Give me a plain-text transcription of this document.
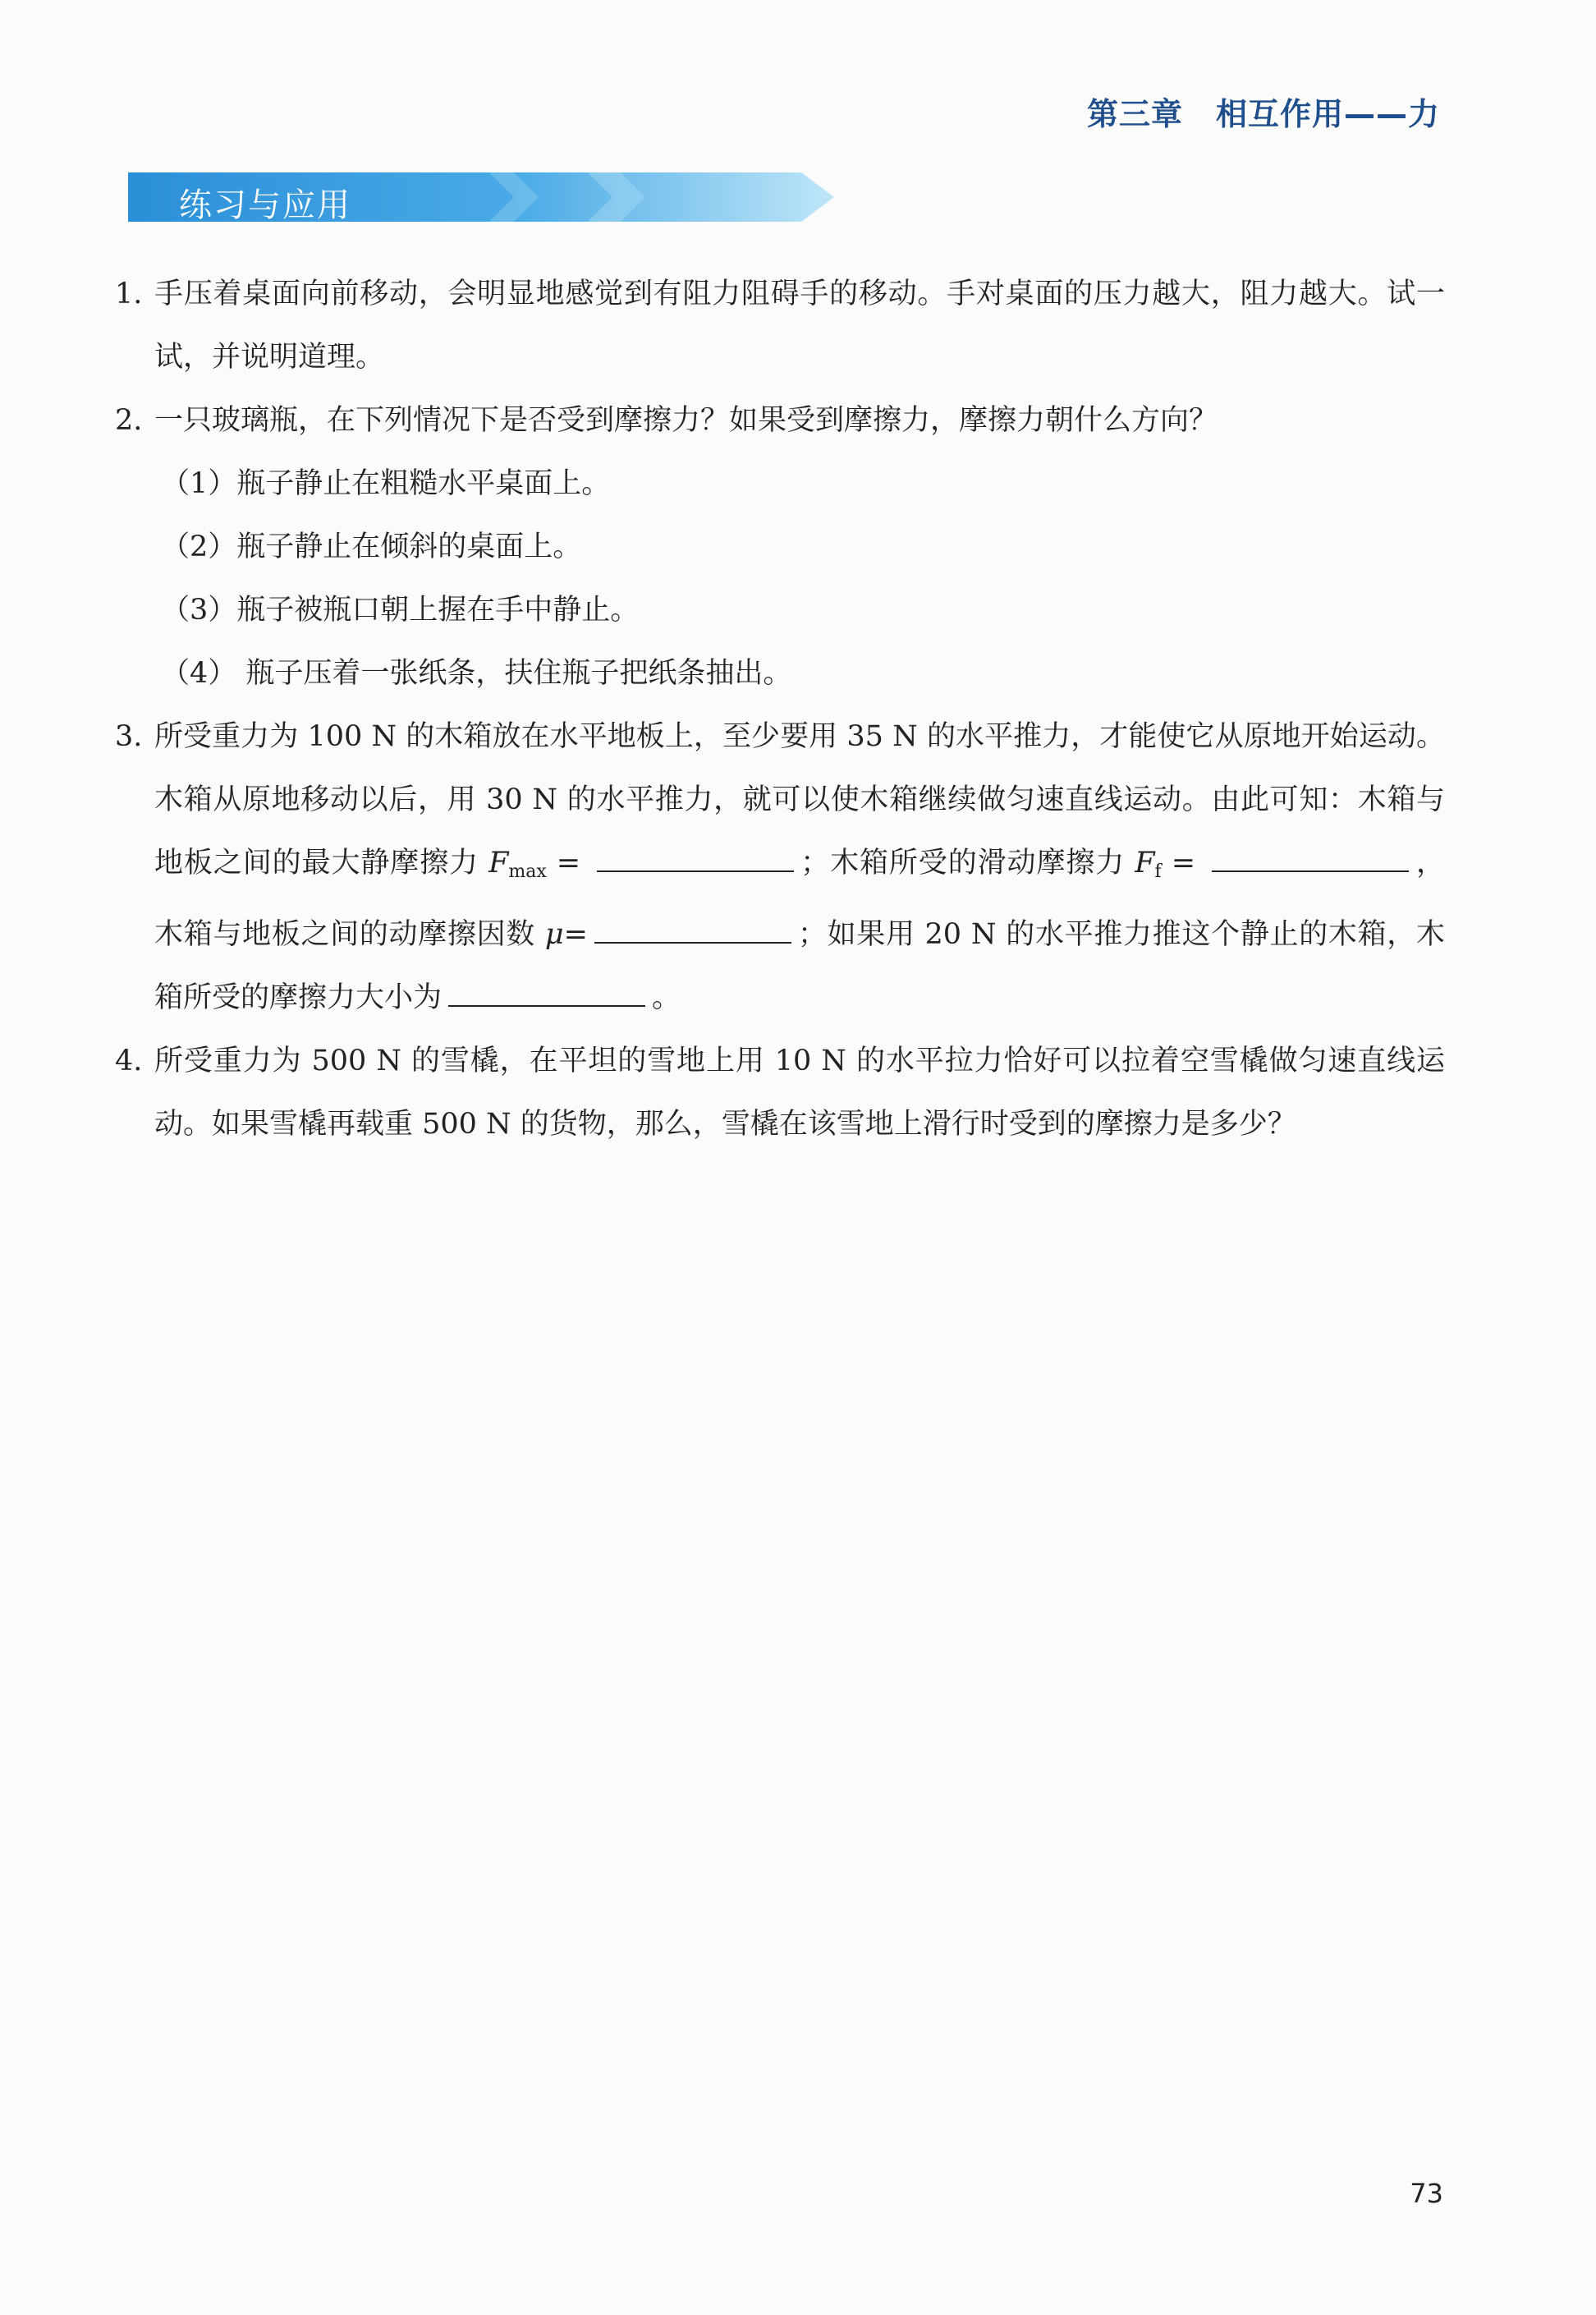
第三章 相互作用——力
练习与应用
1. 手压着桌面向前移动，会明显地感觉到有阻力阻碍手的移动。手对桌面的压力越大，阻力越大。试一试，并说明道理。
2. 一只玻璃瓶，在下列情况下是否受到摩擦力？如果受到摩擦力，摩擦力朝什么方向？
（1）瓶子静止在粗糙水平桌面上。
（2）瓶子静止在倾斜的桌面上。
（3）瓶子被瓶口朝上握在手中静止。
（4） 瓶子压着一张纸条，扶住瓶子把纸条抽出。
3. 所受重力为 100 N 的木箱放在水平地板上，至少要用 35 N 的水平推力，才能使它从原地开始运动。木箱从原地移动以后，用 30 N 的水平推力，就可以使木箱继续做匀速直线运动。由此可知：木箱与地板之间的最大静摩擦力 $F_{max}$ =	；木箱所受的滑动摩擦力 $F_f$ =	，木箱与地板之间的动摩擦因数 μ=	；如果用 20 N 的水平推力推这个静止的木箱，木箱所受的摩擦力大小为	。
4. 所受重力为 500 N 的雪橇，在平坦的雪地上用 10 N 的水平拉力恰好可以拉着空雪橇做匀速直线运动。如果雪橇再载重 500 N 的货物，那么，雪橇在该雪地上滑行时受到的摩擦力是多少？
73
